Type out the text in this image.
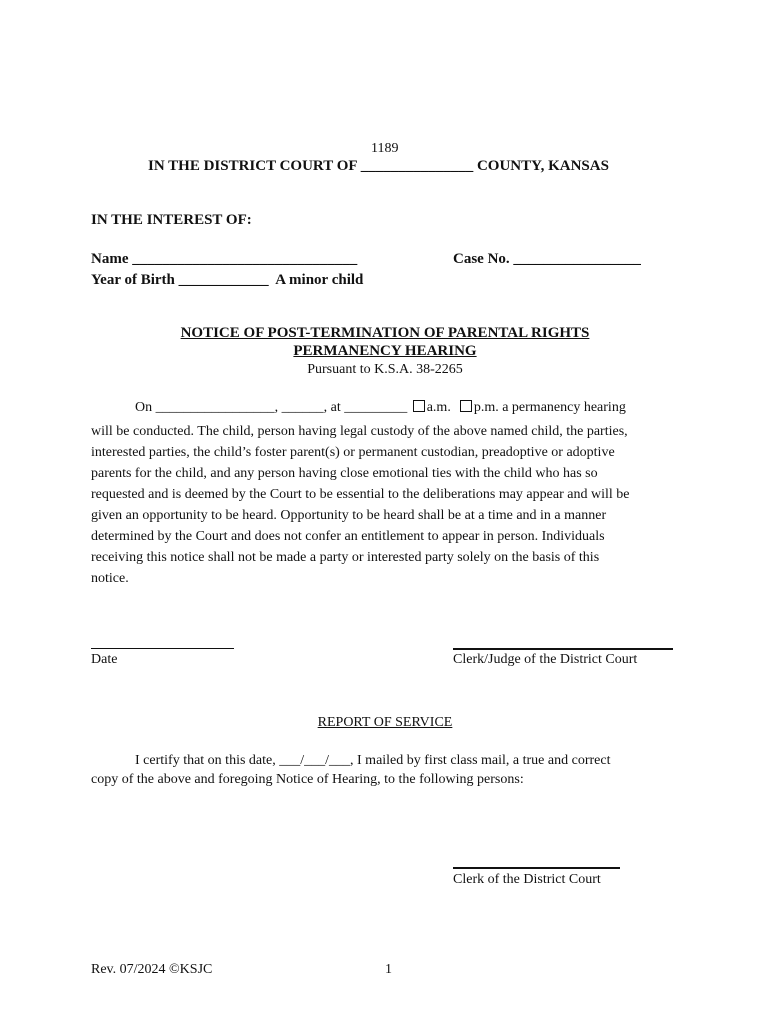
1189
IN THE DISTRICT COURT OF _______________ COUNTY, KANSAS
IN THE INTEREST OF:
Name ______________________________	Case No. _________________
Year of Birth ____________  A minor child
NOTICE OF POST-TERMINATION OF PARENTAL RIGHTS
PERMANENCY HEARING
Pursuant to K.S.A. 38-2265
On _________________, ______, at _________ a.m. p.m. a permanency hearing

will be conducted. The child, person having legal custody of the above named child, the parties,

interested parties, the child’s foster parent(s) or permanent custodian, preadoptive or adoptive

parents for the child, and any person having close emotional ties with the child who has so

requested and is deemed by the Court to be essential to the deliberations may appear and will be

given an opportunity to be heard. Opportunity to be heard shall be at a time and in a manner

determined by the Court and does not confer an entitlement to appear in person. Individuals

receiving this notice shall not be made a party or interested party solely on the basis of this

notice.

Date	Clerk/Judge of the District Court
REPORT OF SERVICE
I certify that on this date, ___/___/___, I mailed by first class mail, a true and correct
copy of the above and foregoing Notice of Hearing, to the following persons:
Clerk of the District Court
Rev. 07/2024 ©KSJC	1
